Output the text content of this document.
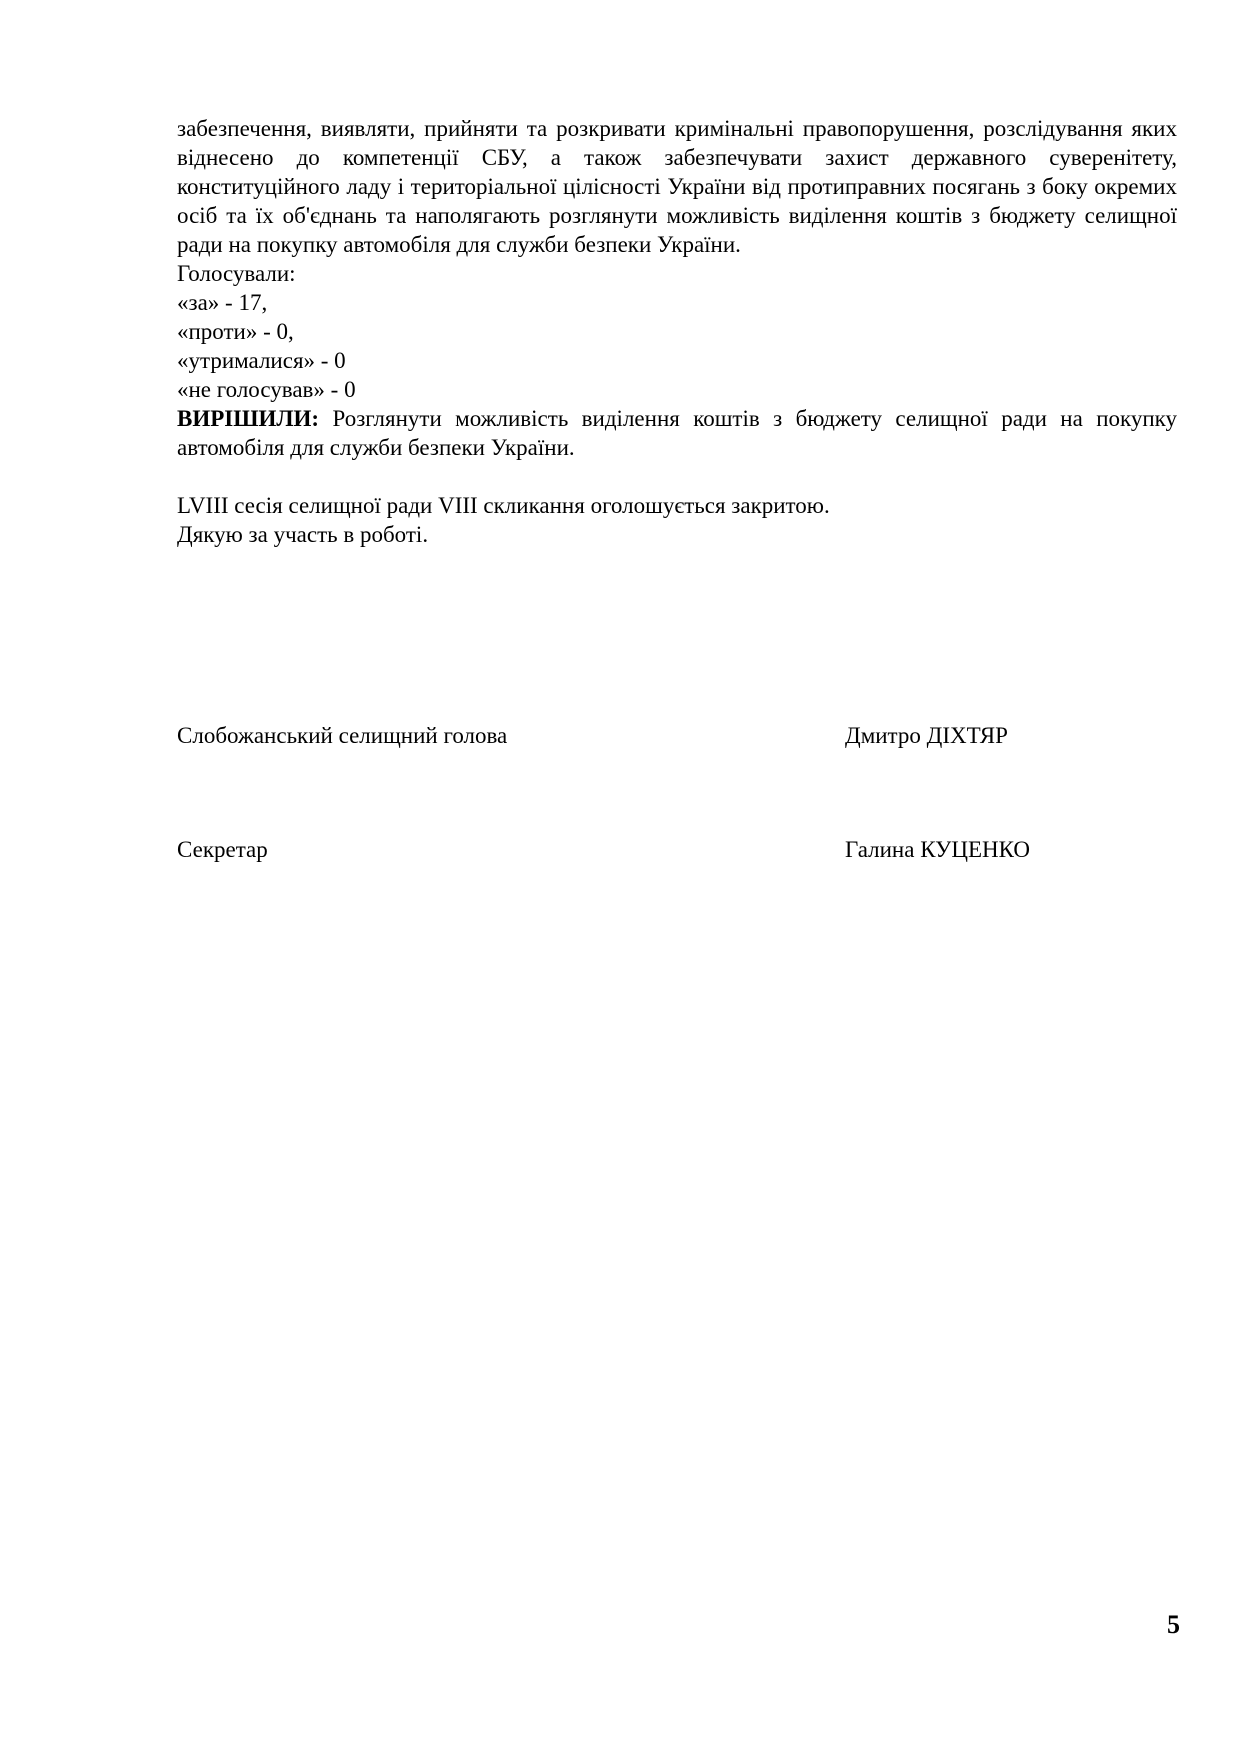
забезпечення, виявляти, прийняти та розкривати кримінальні правопорушення, розслідування яких віднесено до компетенції СБУ, а також забезпечувати захист державного суверенітету, конституційного ладу і територіальної цілісності України від протиправних посягань з боку окремих осіб та їх об'єднань та наполягають розглянути можливість виділення коштів з бюджету селищної ради на покупку автомобіля для служби безпеки України.

Голосували:

«за» - 17,

«проти» - 0,

«утрималися» - 0

«не голосував» - 0

ВИРІШИЛИ: Розглянути можливість виділення коштів з бюджету селищної ради на покупку автомобіля для служби безпеки України.

LVIII сесія селищної ради VIII скликання оголошується закритою.

Дякую за участь в роботі.

Слобожанський селищний голова	Дмитро ДІХТЯР
Секретар	Галина КУЦЕНКО
5
